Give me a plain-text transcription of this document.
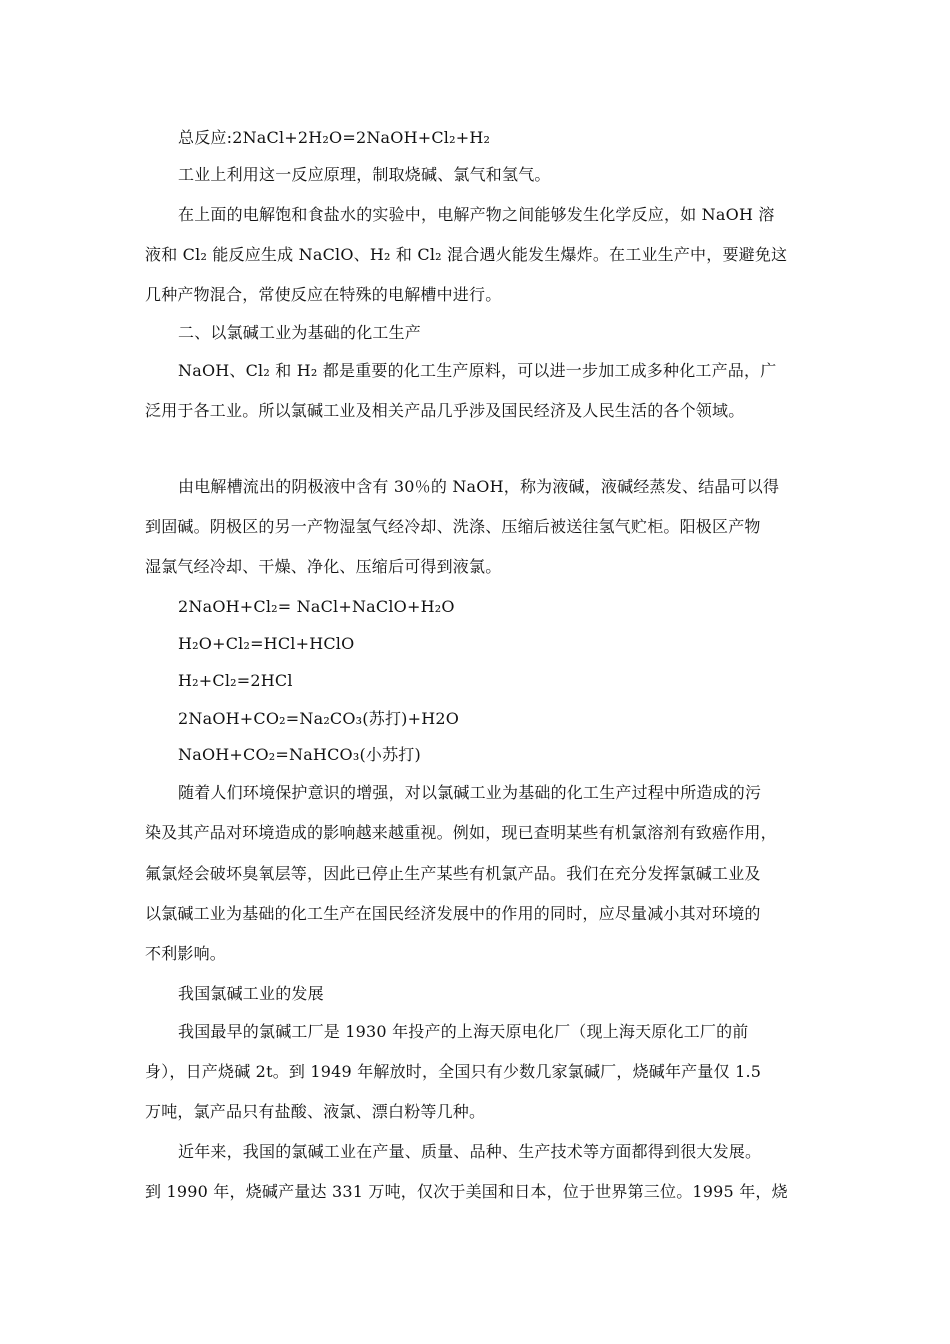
总反应:2NaCl+2H₂O=2NaOH+Cl₂+H₂
工业上利用这一反应原理，制取烧碱、氯气和氢气。
在上面的电解饱和食盐水的实验中，电解产物之间能够发生化学反应，如 NaOH 溶
液和 Cl₂ 能反应生成 NaClO、H₂ 和 Cl₂ 混合遇火能发生爆炸。在工业生产中，要避免这
几种产物混合，常使反应在特殊的电解槽中进行。
二、以氯碱工业为基础的化工生产
NaOH、Cl₂ 和 H₂ 都是重要的化工生产原料，可以进一步加工成多种化工产品，广
泛用于各工业。所以氯碱工业及相关产品几乎涉及国民经济及人民生活的各个领域。
由电解槽流出的阴极液中含有 30％的 NaOH，称为液碱，液碱经蒸发、结晶可以得
到固碱。阴极区的另一产物湿氢气经冷却、洗涤、压缩后被送往氢气贮柜。阳极区产物
湿氯气经冷却、干燥、净化、压缩后可得到液氯。
2NaOH+Cl₂= NaCl+NaClO+H₂O
H₂O+Cl₂=HCl+HClO
H₂+Cl₂=2HCl
2NaOH+CO₂=Na₂CO₃(苏打)+H2O
NaOH+CO₂=NaHCO₃(小苏打)
随着人们环境保护意识的增强，对以氯碱工业为基础的化工生产过程中所造成的污
染及其产品对环境造成的影响越来越重视。例如，现已查明某些有机氯溶剂有致癌作用，
氟氯烃会破坏臭氧层等，因此已停止生产某些有机氯产品。我们在充分发挥氯碱工业及
以氯碱工业为基础的化工生产在国民经济发展中的作用的同时，应尽量减小其对环境的
不利影响。
我国氯碱工业的发展
我国最早的氯碱工厂是 1930 年投产的上海天原电化厂（现上海天原化工厂的前
身），日产烧碱 2t。到 1949 年解放时，全国只有少数几家氯碱厂，烧碱年产量仅 1.5
万吨，氯产品只有盐酸、液氯、漂白粉等几种。
近年来，我国的氯碱工业在产量、质量、品种、生产技术等方面都得到很大发展。
到 1990 年，烧碱产量达 331 万吨，仅次于美国和日本，位于世界第三位。1995 年，烧
